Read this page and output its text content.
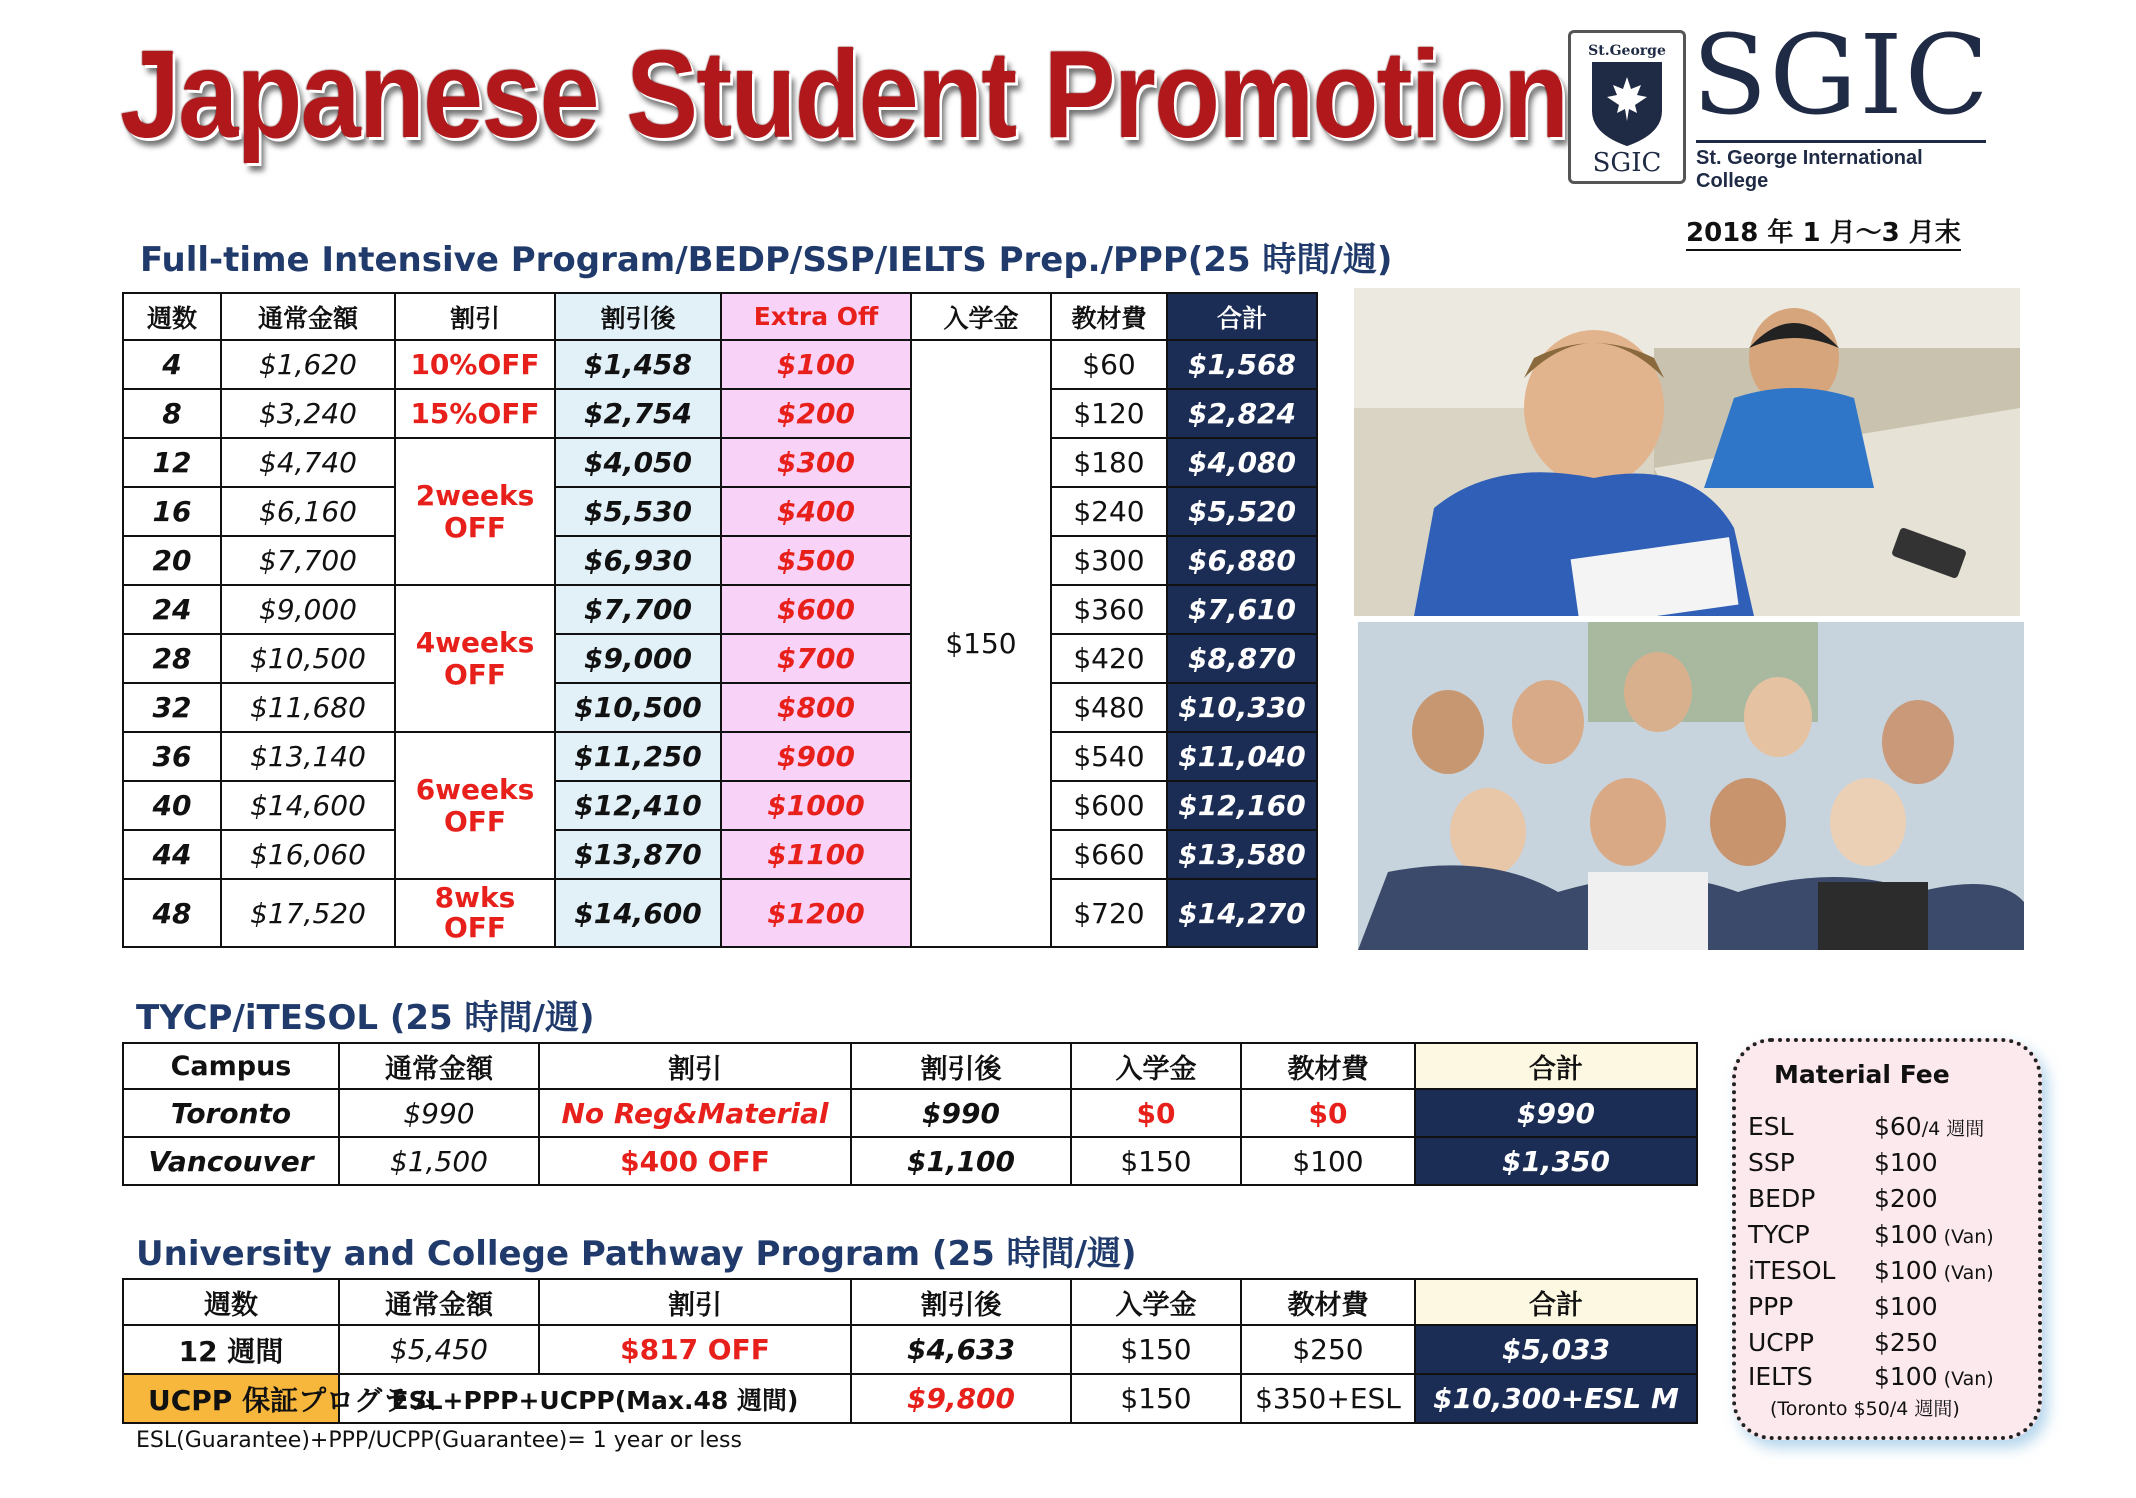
Japanese Student Promotion St.George
SGIC
SGIC
St. George International College
2018 年 1 月～3 月末
Full-time Intensive Program/BEDP/SSP/IELTS Prep./PPP(25 時間/週)
週数	通常金額	割引	割引後	Extra Off	入学金	教材費	合計
4	$1,620	10%OFF	$1,458	$100	$150	$60	$1,568
8	$3,240	15%OFF	$2,754	$200		$120	$2,824
12	$4,740	2weeks OFF	$4,050	$300		$180	$4,080
16	$6,160		$5,530	$400		$240	$5,520
20	$7,700		$6,930	$500		$300	$6,880
24	$9,000	4weeks OFF	$7,700	$600		$360	$7,610
28	$10,500		$9,000	$700		$420	$8,870
32	$11,680		$10,500	$800		$480	$10,330
36	$13,140	6weeks OFF	$11,250	$900		$540	$11,040
40	$14,600		$12,410	$1000		$600	$12,160
44	$16,060		$13,870	$1100		$660	$13,580
48	$17,520	8wks OFF	$14,600	$1200		$720	$14,270
TYCP/iTESOL (25 時間/週)
Campus	通常金額	割引	割引後	入学金	教材費	合計
Toronto	$990	No Reg&Material	$990	$0	$0	$990
Vancouver	$1,500	$400 OFF	$1,100	$150	$100	$1,350
University and College Pathway Program (25 時間/週)
週数	通常金額	割引	割引後	入学金	教材費	合計
12 週間	$5,450	$817 OFF	$4,633	$150	$250	$5,033
UCPP 保証プログラム	ESL+PPP+UCPP(Max.48 週間)		$9,800	$150	$350+ESL	$10,300+ESL M
ESL(Guarantee)+PPP/UCPP(Guarantee)= 1 year or less
Material Fee
ESL	$60/4 週間
SSP	$100
BEDP $200
TYCP	$100 (Van)
iTESOL $100 (Van)
PPP	$100
UCPP $250
IELTS $100 (Van)
(Toronto $50/4 週間)
